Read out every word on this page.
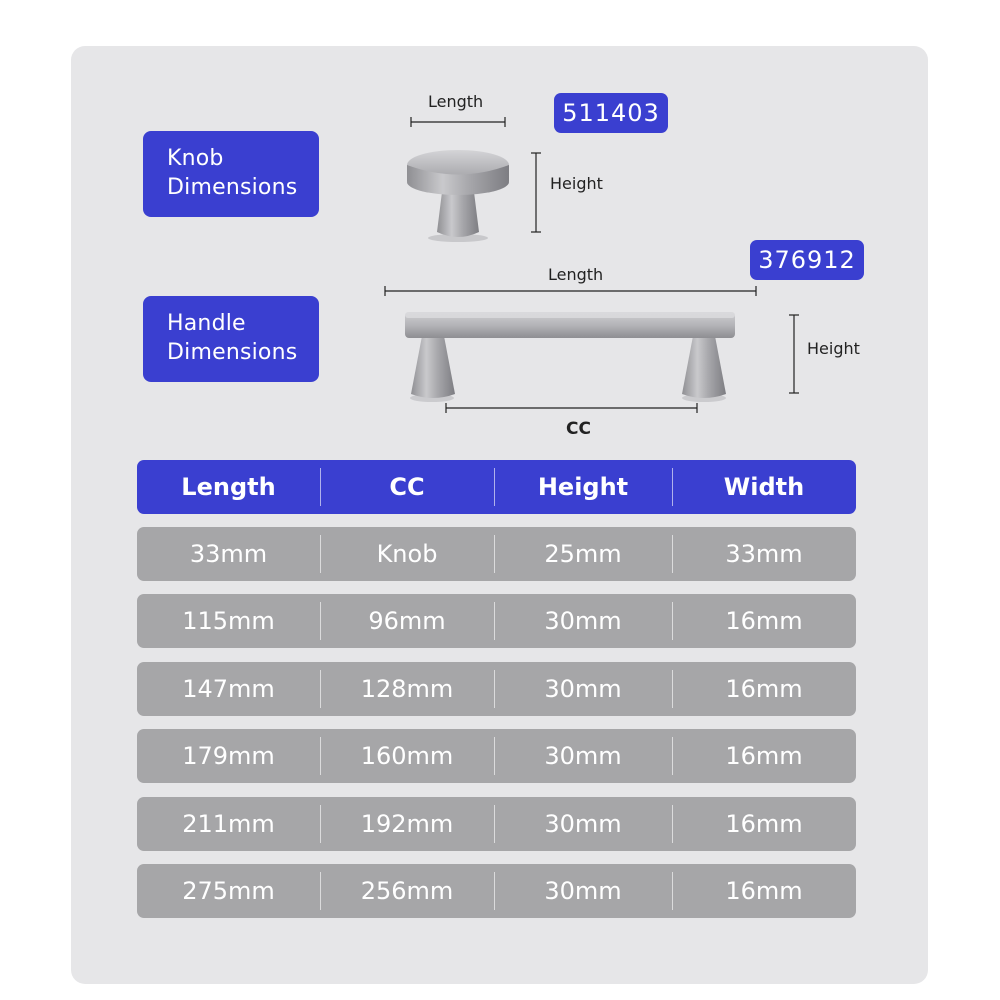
Knob
Dimensions
Handle
Dimensions
511403
376912
Length
Height
Length
Height
CC
Length	CC	Height	Width
33mm	Knob	25mm	33mm
115mm	96mm	30mm	16mm
147mm	128mm	30mm	16mm
179mm	160mm	30mm	16mm
211mm	192mm	30mm	16mm
275mm	256mm	30mm	16mm
